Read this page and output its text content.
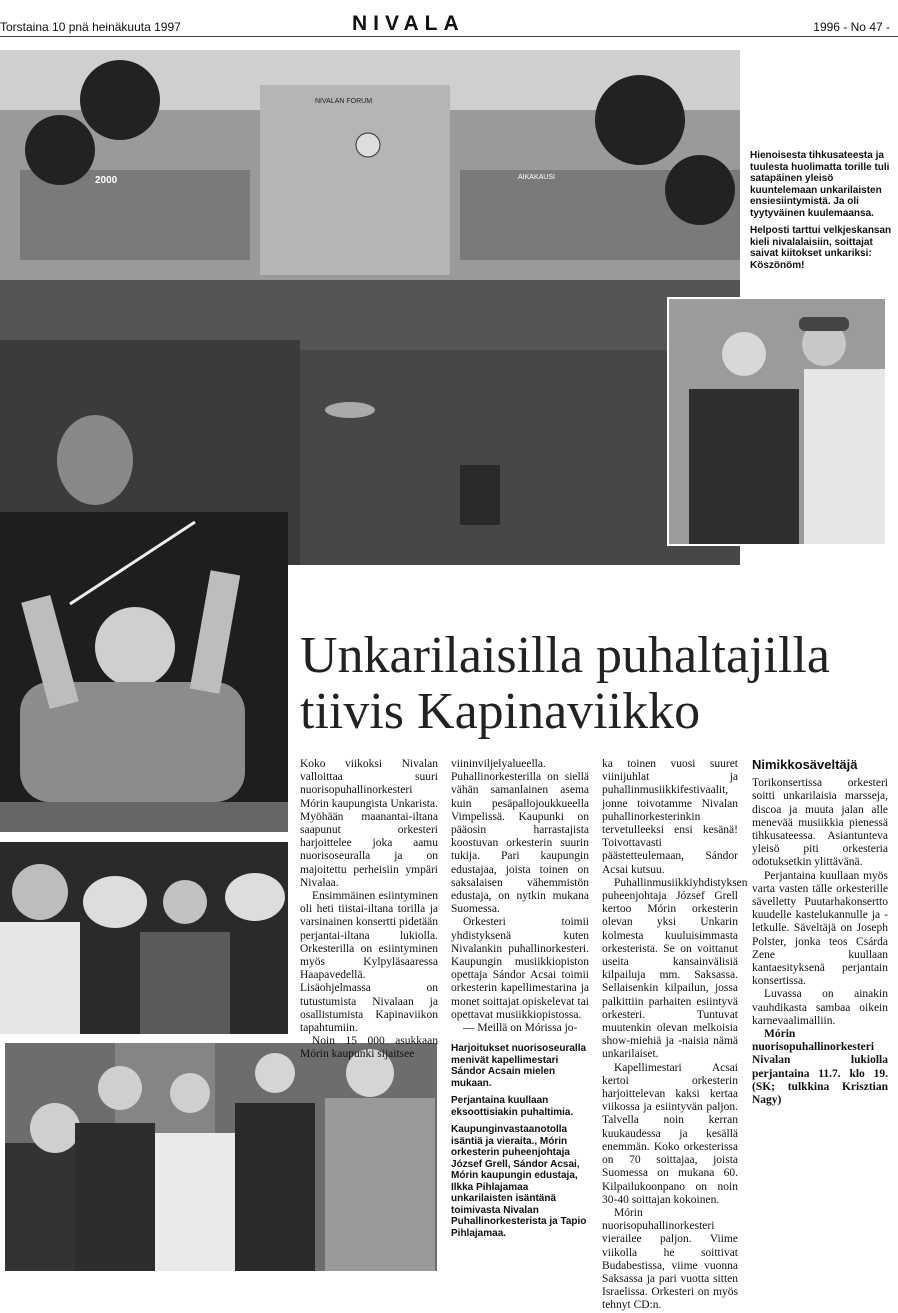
Torstaina 10 pnä heinäkuuta 1997	NIVALA	1996 - No 47 -
NIVALAN FORUM
2000	AIKAKAUSI

Hienoisesta tihkusateesta ja tuulesta huolimatta torille tuli satapäinen yleisö kuuntelemaan unkarilaisten ensiesiintymistä. Ja oli tyytyväinen kuulemaansa.

Helposti tarttui velkjeskansan kieli nivalalaisiin, soittajat saivat kiitokset unkariksi: Köszönöm!

Unkarilaisilla puhaltajilla
tiivis Kapinaviikko

Koko viikoksi Nivalan valloittaa suuri nuorisopuhallinorkesteri Mórin kaupungista Unkarista. Myöhään maanantai-iltana saapunut orkesteri harjoittelee joka aamu nuorisoseuralla ja on majoitettu perheisiin ympäri Nivalaa.

Ensimmäinen esiintyminen oli heti tiistai-iltana torilla ja varsinainen konsertti pidetään perjantai-iltana lukiolla. Orkesterilla on esiintyminen myös Kylpyläsaaressa Haapavedellä. Lisäohjelmassa on tutustumista Nivalaan ja osallistumista Kapinaviikon tapahtumiin.

Noin 15 000 asukkaan Mórin kaupunki sijaitsee

viininviljelyalueella. Puhallinorkesterilla on siellä vähän samanlainen asema kuin pesäpallojoukkueella Vimpelissä. Kaupunki on pääosin harrastajista koostuvan orkesterin suurin tukija. Pari kaupungin edustajaa, joista toinen on saksalaisen vähemmistön edustaja, on nytkin mukana Suomessa.

Orkesteri toimii yhdistyksenä kuten Nivalankin puhallinorkesteri. Kaupungin musiikkiopiston opettaja Sándor Acsai toimii orkesterin kapellimestarina ja monet soittajat opiskelevat tai opettavat musiikkiopistossa.

— Meillä on Mórissa jo-

Harjoitukset nuorisoseuralla menivät kapellimestari Sándor Acsain mielen mukaan.

Perjantaina kuullaan eksoottisiakin puhaltimia.

Kaupunginvastaanotolla isäntiä ja vieraita., Mórin orkesterin puheenjohtaja József Grell, Sándor Acsai, Mórin kaupungin edustaja, Ilkka Pihlajamaa unkarilaisten isäntänä toimivasta Nivalan Puhallinorkesterista ja Tapio Pihlajamaa.

ka toinen vuosi suuret viinijuhlat ja puhallinmusiikkifestivaalit, jonne toivotamme Nivalan puhallinorkesterinkin tervetulleeksi ensi kesänä! Toivottavasti päästetteulemaan, Sándor Acsai kutsuu.

Puhallinmusiikkiyhdistyksen puheenjohtaja József Grell kertoo Mórin orkesterin olevan yksi Unkarin kolmesta kuuluisimmasta orkesterista. Se on voittanut useita kansainvälisiä kilpailuja mm. Saksassa. Sellaisenkin kilpailun, jossa palkittiin parhaiten esiintyvä orkesteri. Tuntuvat muutenkin olevan melkoisia show-miehiä ja -naisia nämä unkarilaiset.

Kapellimestari Acsai kertoi orkesterin harjoittelevan kaksi kertaa viikossa ja esiintyvän paljon. Talvella noin kerran kuukaudessa ja kesällä enemmän. Koko orkesterissa on 70 soittajaa, joista Suomessa on mukana 60. Kilpailukoonpano on noin 30-40 soittajan kokoinen.

Mórin nuorisopuhallinorkesteri vierailee paljon. Viime viikolla he soittivat Budabestissa, viime vuonna Saksassa ja pari vuotta sitten Israelissa. Orkesteri on myös tehnyt CD:n.

Nimikkosäveltäjä

Torikonsertissa orkesteri soitti unkarilaisia marsseja, discoa ja muuta jalan alle menevää musiikkia pienessä tihkusateessa. Asiantunteva yleisö piti orkesteria odotuksetkin ylittävänä.

Perjantaina kuullaan myös varta vasten tälle orkesterille sävelletty Puutarhakonsertto kuudelle kastelukannulle ja -letkulle. Säveltäjä on Joseph Polster, jonka teos Csárda Zene kuullaan kantaesityksenä perjantain konsertissa.

Luvassa on ainakin vauhdikasta sambaa oikein karnevaalimalliin.

Mórin nuorisopuhallinorkesteri Nivalan lukiolla perjantaina 11.7. klo 19. (SK; tulkkina Krisztian Nagy)
